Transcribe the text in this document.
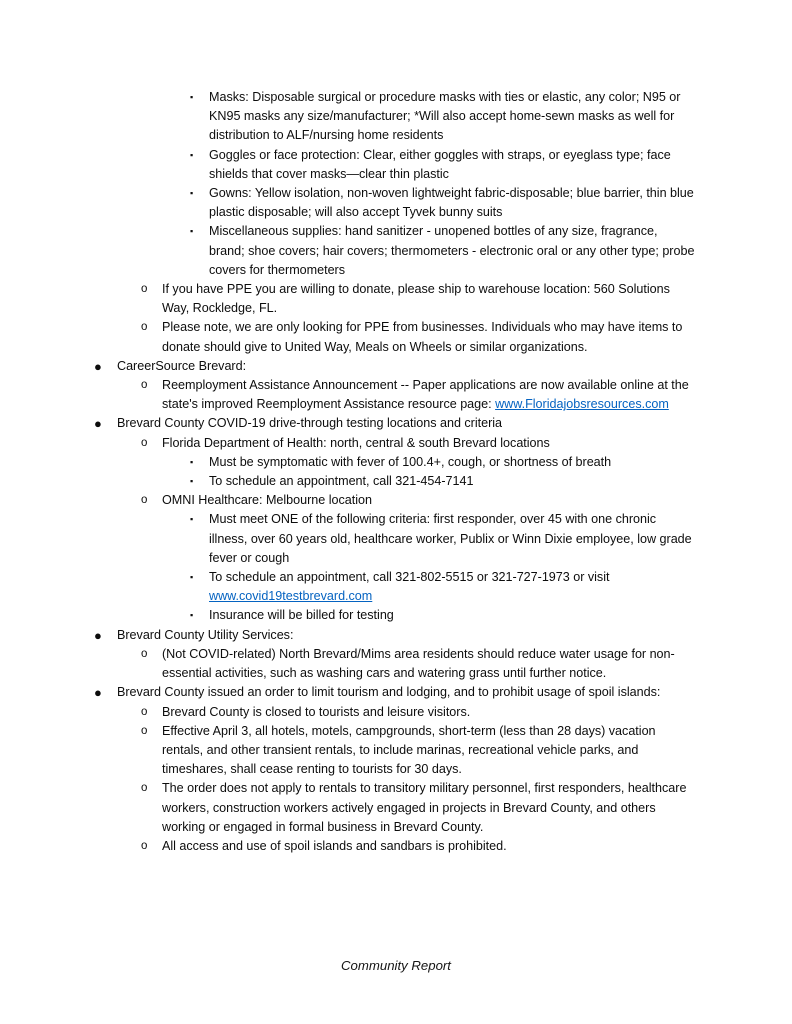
▪ Masks: Disposable surgical or procedure masks with ties or elastic, any color; N95 or KN95 masks any size/manufacturer; *Will also accept home-sewn masks as well for distribution to ALF/nursing home residents
▪ Goggles or face protection: Clear, either goggles with straps, or eyeglass type; face shields that cover masks—clear thin plastic
▪ Gowns: Yellow isolation, non-woven lightweight fabric-disposable; blue barrier, thin blue plastic disposable; will also accept Tyvek bunny suits
▪ Miscellaneous supplies: hand sanitizer - unopened bottles of any size, fragrance, brand; shoe covers; hair covers; thermometers - electronic oral or any other type; probe covers for thermometers
o If you have PPE you are willing to donate, please ship to warehouse location: 560 Solutions Way, Rockledge, FL.
o Please note, we are only looking for PPE from businesses. Individuals who may have items to donate should give to United Way, Meals on Wheels or similar organizations.
● CareerSource Brevard:
o Reemployment Assistance Announcement -- Paper applications are now available online at the state's improved Reemployment Assistance resource page: www.Floridajobsresources.com
● Brevard County COVID-19 drive-through testing locations and criteria
o Florida Department of Health: north, central & south Brevard locations
▪ Must be symptomatic with fever of 100.4+, cough, or shortness of breath
▪ To schedule an appointment, call 321-454-7141
o OMNI Healthcare: Melbourne location
▪ Must meet ONE of the following criteria: first responder, over 45 with one chronic illness, over 60 years old, healthcare worker, Publix or Winn Dixie employee, low grade fever or cough
▪ To schedule an appointment, call 321-802-5515 or 321-727-1973 or visit www.covid19testbrevard.com
▪ Insurance will be billed for testing
● Brevard County Utility Services:
o (Not COVID-related) North Brevard/Mims area residents should reduce water usage for non-essential activities, such as washing cars and watering grass until further notice.
● Brevard County issued an order to limit tourism and lodging, and to prohibit usage of spoil islands:
o Brevard County is closed to tourists and leisure visitors.
o Effective April 3, all hotels, motels, campgrounds, short-term (less than 28 days) vacation rentals, and other transient rentals, to include marinas, recreational vehicle parks, and timeshares, shall cease renting to tourists for 30 days.
o The order does not apply to rentals to transitory military personnel, first responders, healthcare workers, construction workers actively engaged in projects in Brevard County, and others working or engaged in formal business in Brevard County.
o All access and use of spoil islands and sandbars is prohibited.
Community Report
